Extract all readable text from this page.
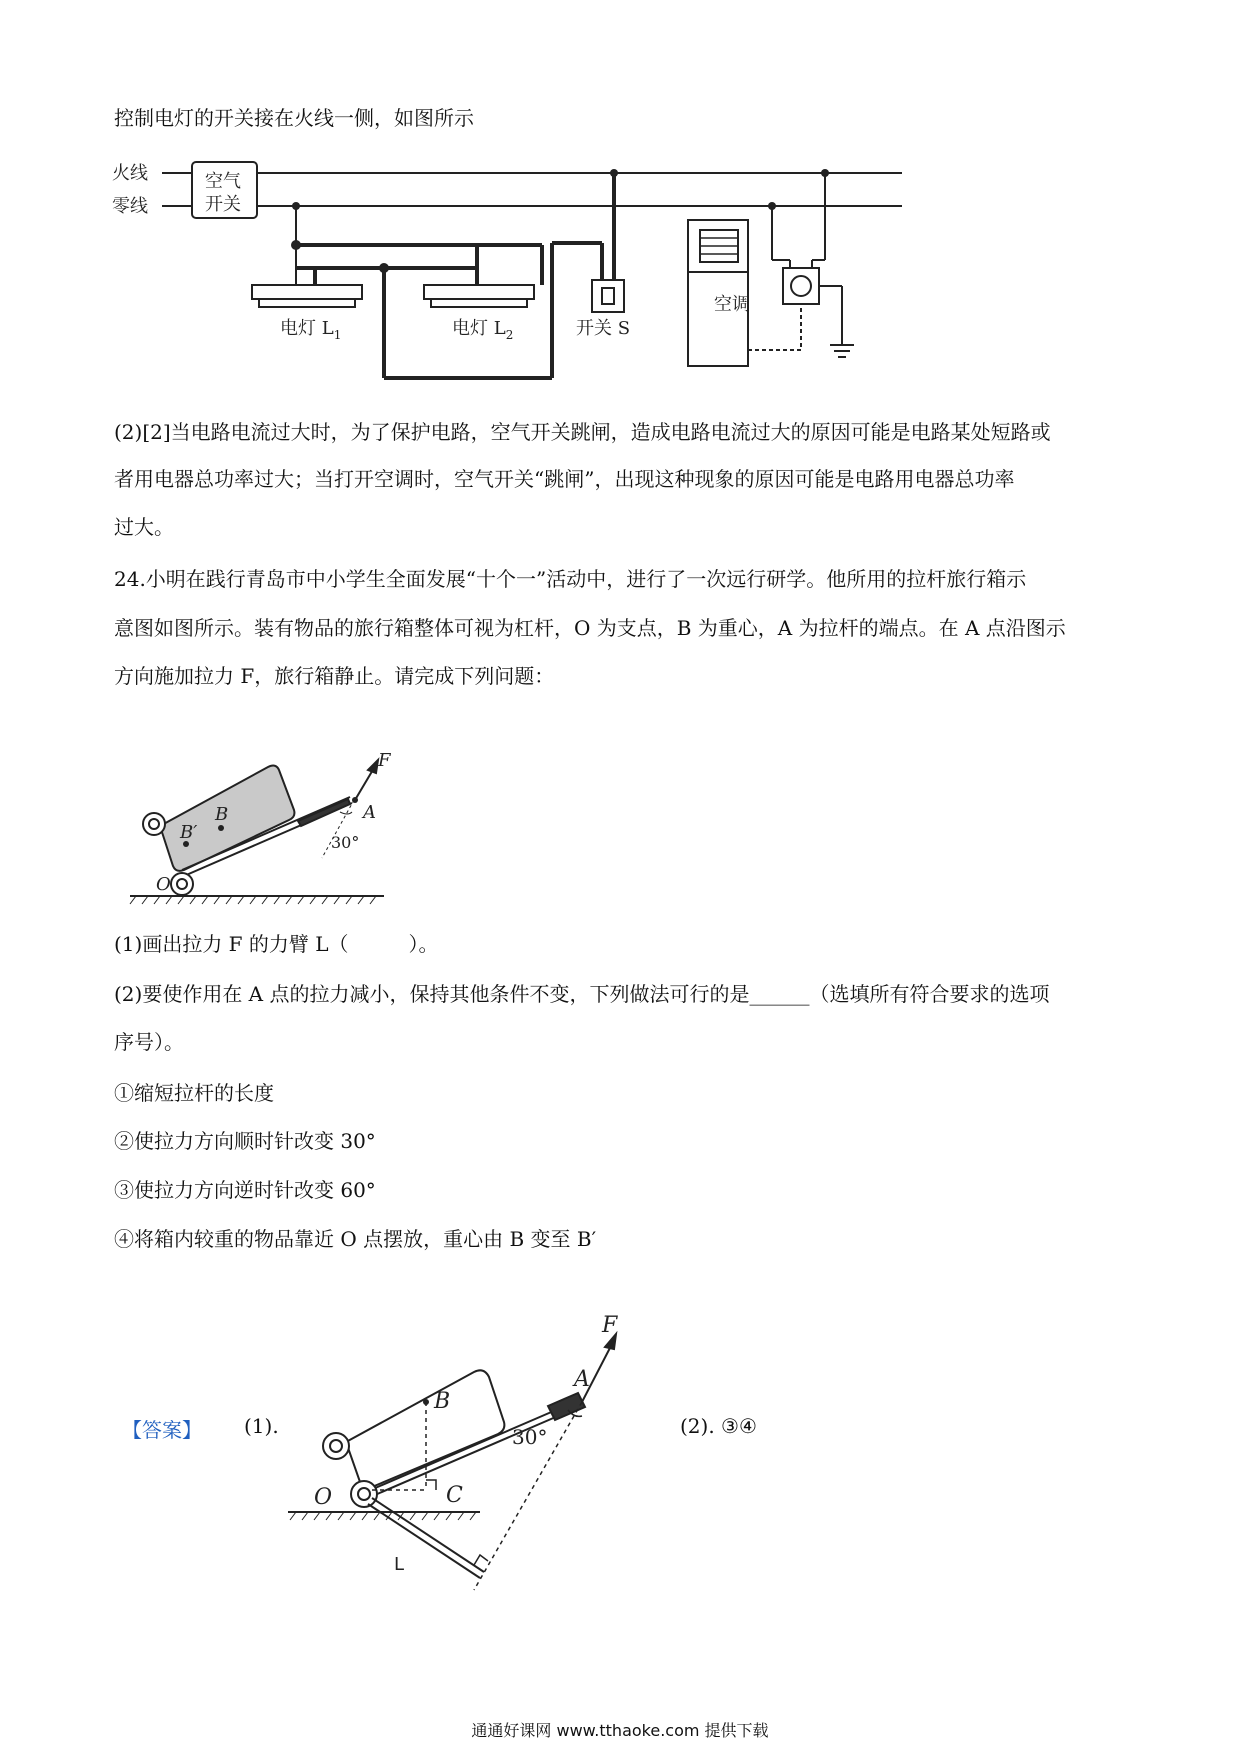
控制电灯的开关接在火线一侧，如图所示
火线
零线
空气
开关
空调
电灯 $L_1$	电灯 $L_2$	开关 S
(2)[2]当电路电流过大时，为了保护电路，空气开关跳闸，造成电路电流过大的原因可能是电路某处短路或
者用电器总功率过大；当打开空调时，空气开关“跳闸”，出现这种现象的原因可能是电路用电器总功率
过大。
24.小明在践行青岛市中小学生全面发展“十个一”活动中，进行了一次远行研学。他所用的拉杆旅行箱示
意图如图所示。装有物品的旅行箱整体可视为杠杆，O 为支点，B 为重心，A 为拉杆的端点。在 A 点沿图示
方向施加拉力 F，旅行箱静止。请完成下列问题：
F
A
B
B′
O
30°
(1)画出拉力 F 的力臂 L（　　　）。
(2)要使作用在 A 点的拉力减小，保持其他条件不变，下列做法可行的是______（选填所有符合要求的选项
序号）。
①缩短拉杆的长度
②使拉力方向顺时针改变 30°
③使拉力方向逆时针改变 60°
④将箱内较重的物品靠近 O 点摆放，重心由 B 变至 B′
【答案】 (1).	(2). ③④
F
A
B
O	C
L
30°
通通好课网 www.tthaoke.com 提供下载
